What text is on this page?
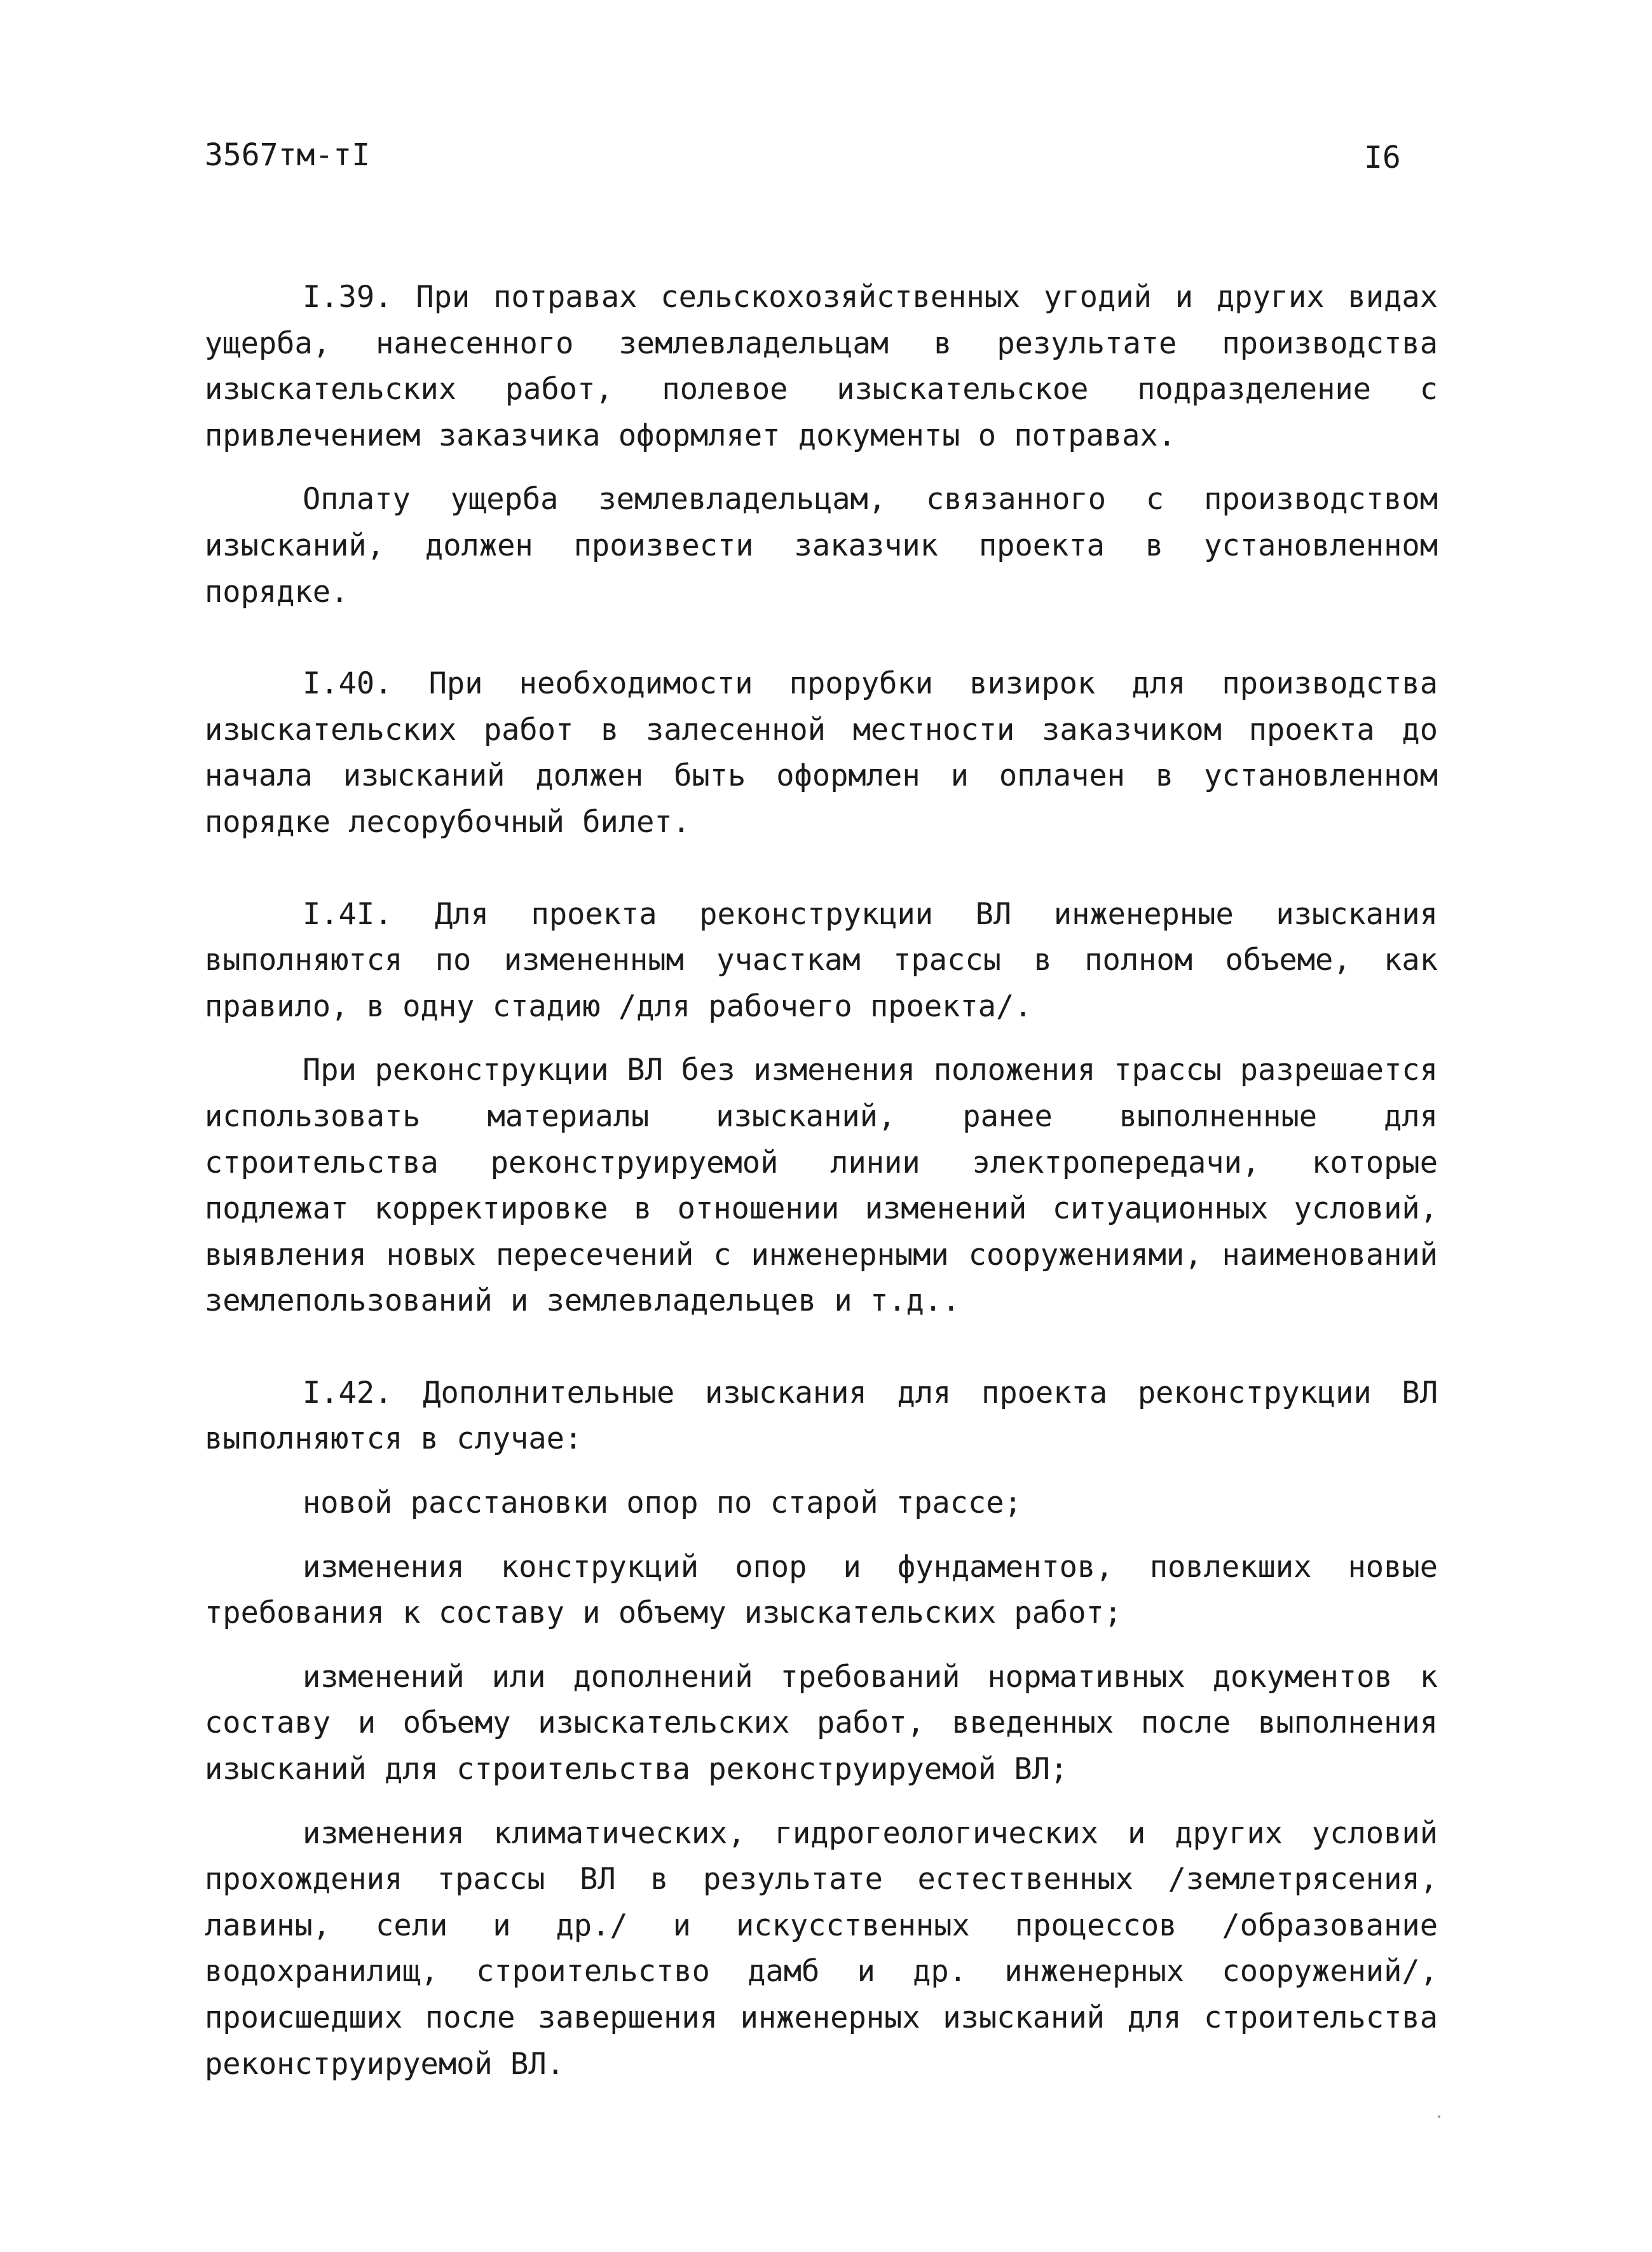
3567тм-тI	I6

I.39. При потравах сельскохозяйственных угодий и других видах ущерба, нанесенного землевладельцам в результате производства изыскательских работ, полевое изыскательское подразделение с привлечением заказчика оформляет документы о потравах.

Оплату ущерба землевладельцам, связанного с производством изысканий, должен произвести заказчик проекта в установленном порядке.

I.40. При необходимости прорубки визирок для производства изыскательских работ в залесенной местности заказчиком проекта до начала изысканий должен быть оформлен и оплачен в установленном порядке лесорубочный билет.

I.4I. Для проекта реконструкции ВЛ инженерные изыскания выполняются по измененным участкам трассы в полном объеме, как правило, в одну стадию /для рабочего проекта/.

При реконструкции ВЛ без изменения положения трассы разрешается использовать материалы изысканий, ранее выполненные для строительства реконструируемой линии электропередачи, которые подлежат корректировке в отношении изменений ситуационных условий, выявления новых пересечений с инженерными сооружениями, наименований землепользований и землевладельцев и т.д..

I.42. Дополнительные изыскания для проекта реконструкции ВЛ выполняются в случае:

новой расстановки опор по старой трассе;

изменения конструкций опор и фундаментов, повлекших новые требования к составу и объему изыскательских работ;

изменений или дополнений требований нормативных документов к составу и объему изыскательских работ, введенных после выполнения изысканий для строительства реконструируемой ВЛ;

изменения климатических, гидрогеологических и других условий прохождения трассы ВЛ в результате естественных /землетрясения, лавины, сели и др./ и искусственных процессов /образование водохранилищ, строительство дамб и др. инженерных сооружений/, происшедших после завершения инженерных изысканий для строительства реконструируемой ВЛ.
